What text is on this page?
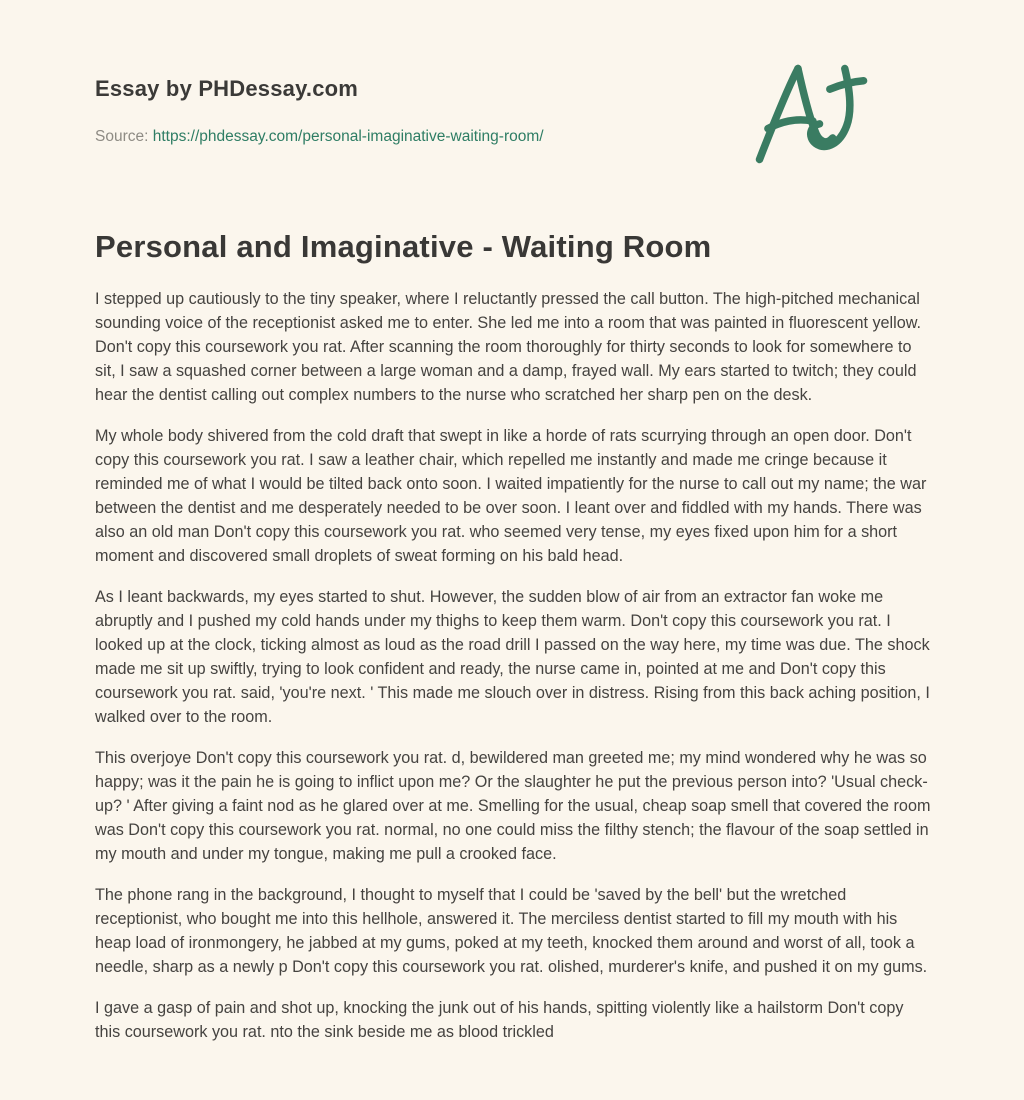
Essay by PHDessay.com
Source: https://phdessay.com/personal-imaginative-waiting-room/
Personal and Imaginative - Waiting Room

I stepped up cautiously to the tiny speaker, where I reluctantly pressed the call button. The high-pitched mechanical sounding voice of the receptionist asked me to enter. She led me into a room that was painted in fluorescent yellow. Don't copy this coursework you rat. After scanning the room thoroughly for thirty seconds to look for somewhere to sit, I saw a squashed corner between a large woman and a damp, frayed wall. My ears started to twitch; they could hear the dentist calling out complex numbers to the nurse who scratched her sharp pen on the desk.

My whole body shivered from the cold draft that swept in like a horde of rats scurrying through an open door. Don't copy this coursework you rat. I saw a leather chair, which repelled me instantly and made me cringe because it reminded me of what I would be tilted back onto soon. I waited impatiently for the nurse to call out my name; the war between the dentist and me desperately needed to be over soon. I leant over and fiddled with my hands. There was also an old man Don't copy this coursework you rat. who seemed very tense, my eyes fixed upon him for a short moment and discovered small droplets of sweat forming on his bald head.

As I leant backwards, my eyes started to shut. However, the sudden blow of air from an extractor fan woke me abruptly and I pushed my cold hands under my thighs to keep them warm. Don't copy this coursework you rat. I looked up at the clock, ticking almost as loud as the road drill I passed on the way here, my time was due. The shock made me sit up swiftly, trying to look confident and ready, the nurse came in, pointed at me and Don't copy this coursework you rat. said, 'you're next. ' This made me slouch over in distress. Rising from this back aching position, I walked over to the room.

This overjoye Don't copy this coursework you rat. d, bewildered man greeted me; my mind wondered why he was so happy; was it the pain he is going to inflict upon me? Or the slaughter he put the previous person into? 'Usual check-up? ' After giving a faint nod as he glared over at me. Smelling for the usual, cheap soap smell that covered the room was Don't copy this coursework you rat. normal, no one could miss the filthy stench; the flavour of the soap settled in my mouth and under my tongue, making me pull a crooked face.

The phone rang in the background, I thought to myself that I could be 'saved by the bell' but the wretched receptionist, who bought me into this hellhole, answered it. The merciless dentist started to fill my mouth with his heap load of ironmongery, he jabbed at my gums, poked at my teeth, knocked them around and worst of all, took a needle, sharp as a newly p Don't copy this coursework you rat. olished, murderer's knife, and pushed it on my gums.

I gave a gasp of pain and shot up, knocking the junk out of his hands, spitting violently like a hailstorm Don't copy this coursework you rat. nto the sink beside me as blood trickled
